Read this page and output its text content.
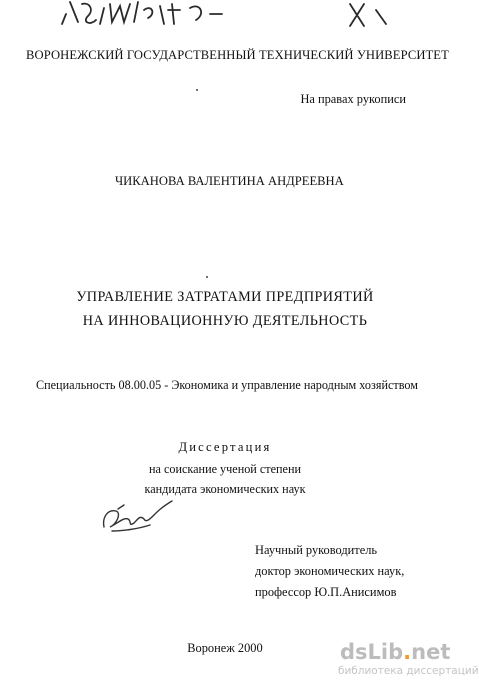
ВОРОНЕЖСКИЙ ГОСУДАРСТВЕННЫЙ ТЕХНИЧЕСКИЙ УНИВЕРСИТЕТ
На правах рукописи
ЧИКАНОВА ВАЛЕНТИНА АНДРЕЕВНА
УПРАВЛЕНИЕ ЗАТРАТАМИ ПРЕДПРИЯТИЙ
НА ИННОВАЦИОННУЮ ДЕЯТЕЛЬНОСТЬ
Специальность 08.00.05 - Экономика и управление народным хозяйством
Диссертация
на соискание ученой степени
кандидата экономических наук
Научный руководитель
доктор экономических наук,
профессор Ю.П.Анисимов
Воронеж 2000	dsLib.net
библиотека диссертаций
